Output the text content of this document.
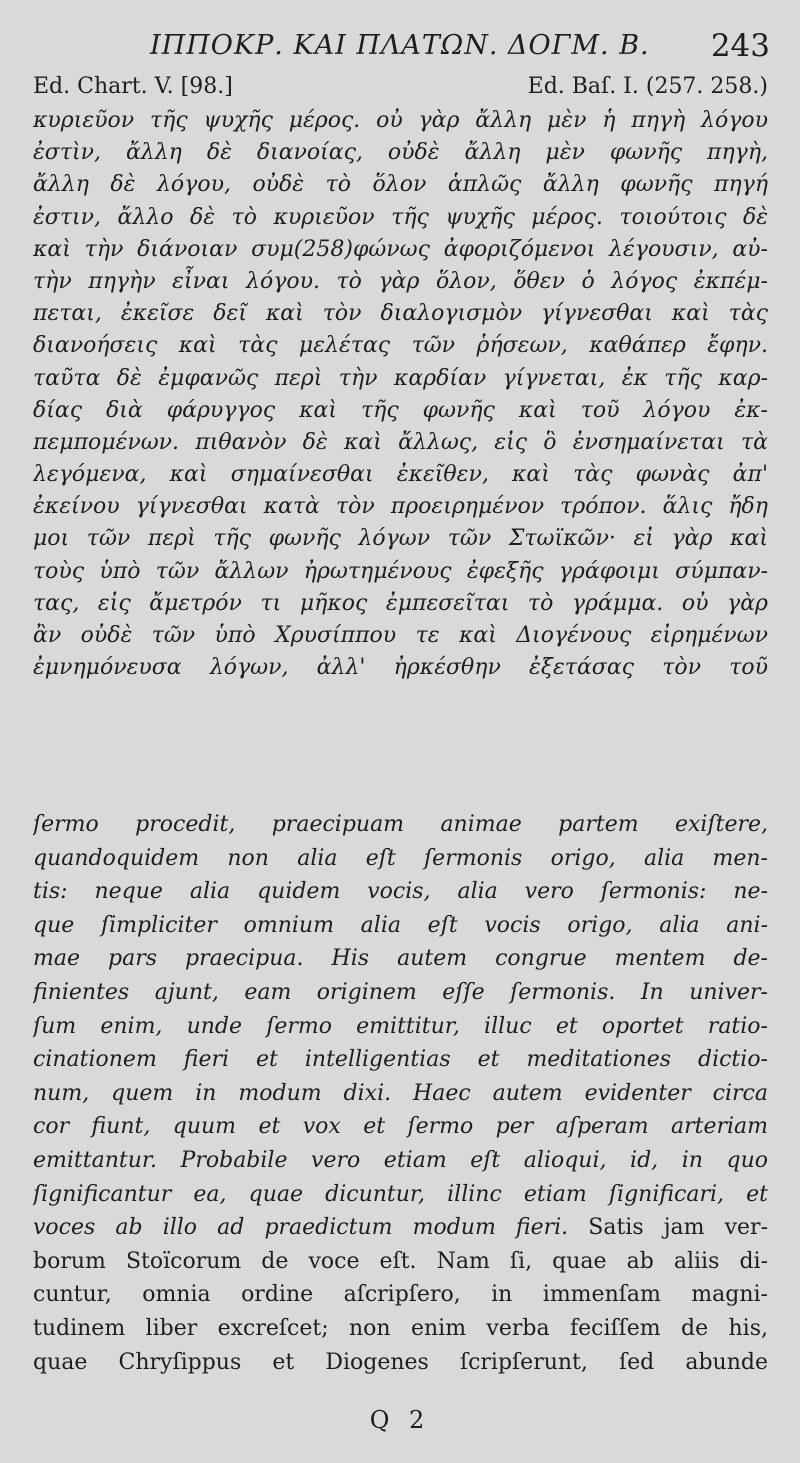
ΙΠΠΟΚΡ. ΚΑΙ ΠΛΑΤΩΝ. ΔΟΓΜ. Β. 243
Ed. Chart. V. [98.]	Ed. Baſ. I. (257. 258.)
κυριεῦον τῆς ψυχῆς μέρος. οὐ γὰρ ἄλλη μὲν ἡ πηγὴ λόγου
ἐστὶν, ἄλλη δὲ διανοίας, οὐδὲ ἄλλη μὲν φωνῆς πηγὴ,
ἄλλη δὲ λόγου, οὐδὲ τὸ ὅλον ἁπλῶς ἄλλη φωνῆς πηγή
ἐστιν, ἄλλο δὲ τὸ κυριεῦον τῆς ψυχῆς μέρος. τοιούτοις δὲ
καὶ τὴν διάνοιαν συμ(258)φώνως ἀφοριζόμενοι λέγουσιν, αὐ-
τὴν πηγὴν εἶναι λόγου. τὸ γὰρ ὅλον, ὅθεν ὁ λόγος ἐκπέμ-
πεται, ἐκεῖσε δεῖ καὶ τὸν διαλογισμὸν γίγνεσθαι καὶ τὰς
διανοήσεις καὶ τὰς μελέτας τῶν ῥήσεων, καθάπερ ἔφην.
ταῦτα δὲ ἐμφανῶς περὶ τὴν καρδίαν γίγνεται, ἐκ τῆς καρ-
δίας διὰ φάρυγγος καὶ τῆς φωνῆς καὶ τοῦ λόγου ἐκ-
πεμπομένων. πιθανὸν δὲ καὶ ἄλλως, εἰς ὃ ἐνσημαίνεται τὰ
λεγόμενα, καὶ σημαίνεσθαι ἐκεῖθεν, καὶ τὰς φωνὰς ἀπ'
ἐκείνου γίγνεσθαι κατὰ τὸν προειρημένον τρόπον. ἅλις ἤδη
μοι τῶν περὶ τῆς φωνῆς λόγων τῶν Στωϊκῶν· εἰ γὰρ καὶ
τοὺς ὑπὸ τῶν ἄλλων ἠρωτημένους ἐφεξῆς γράφοιμι σύμπαν-
τας, εἰς ἄμετρόν τι μῆκος ἐμπεσεῖται τὸ γράμμα. οὐ γὰρ
ἂν οὐδὲ τῶν ὑπὸ Χρυσίππου τε καὶ Διογένους εἰρημένων
ἐμνημόνευσα λόγων, ἀλλ' ἠρκέσθην ἐξετάσας τὸν τοῦ
ſermo procedit, praecipuam animae partem exiſtere,
quandoquidem non alia eſt ſermonis origo, alia men-
tis: neque alia quidem vocis, alia vero ſermonis: ne-
que ſimpliciter omnium alia eſt vocis origo, alia ani-
mae pars praecipua. His autem congrue mentem de-
finientes ajunt, eam originem eſſe ſermonis. In univer-
ſum enim, unde ſermo emittitur, illuc et oportet ratio-
cinationem fieri et intelligentias et meditationes dictio-
num, quem in modum dixi. Haec autem evidenter circa
cor fiunt, quum et vox et ſermo per aſperam arteriam
emittantur. Probabile vero etiam eſt alioqui, id, in quo
ſignificantur ea, quae dicuntur, illinc etiam ſignificari, et
voces ab illo ad praedictum modum fieri. Satis jam ver-
borum Stoïcorum de voce eſt. Nam ſi, quae ab aliis di-
cuntur, omnia ordine aſcripſero, in immenſam magni-
tudinem liber excreſcet; non enim verba feciſſem de his,
quae Chryſippus et Diogenes ſcripſerunt, ſed abunde
Q 2
